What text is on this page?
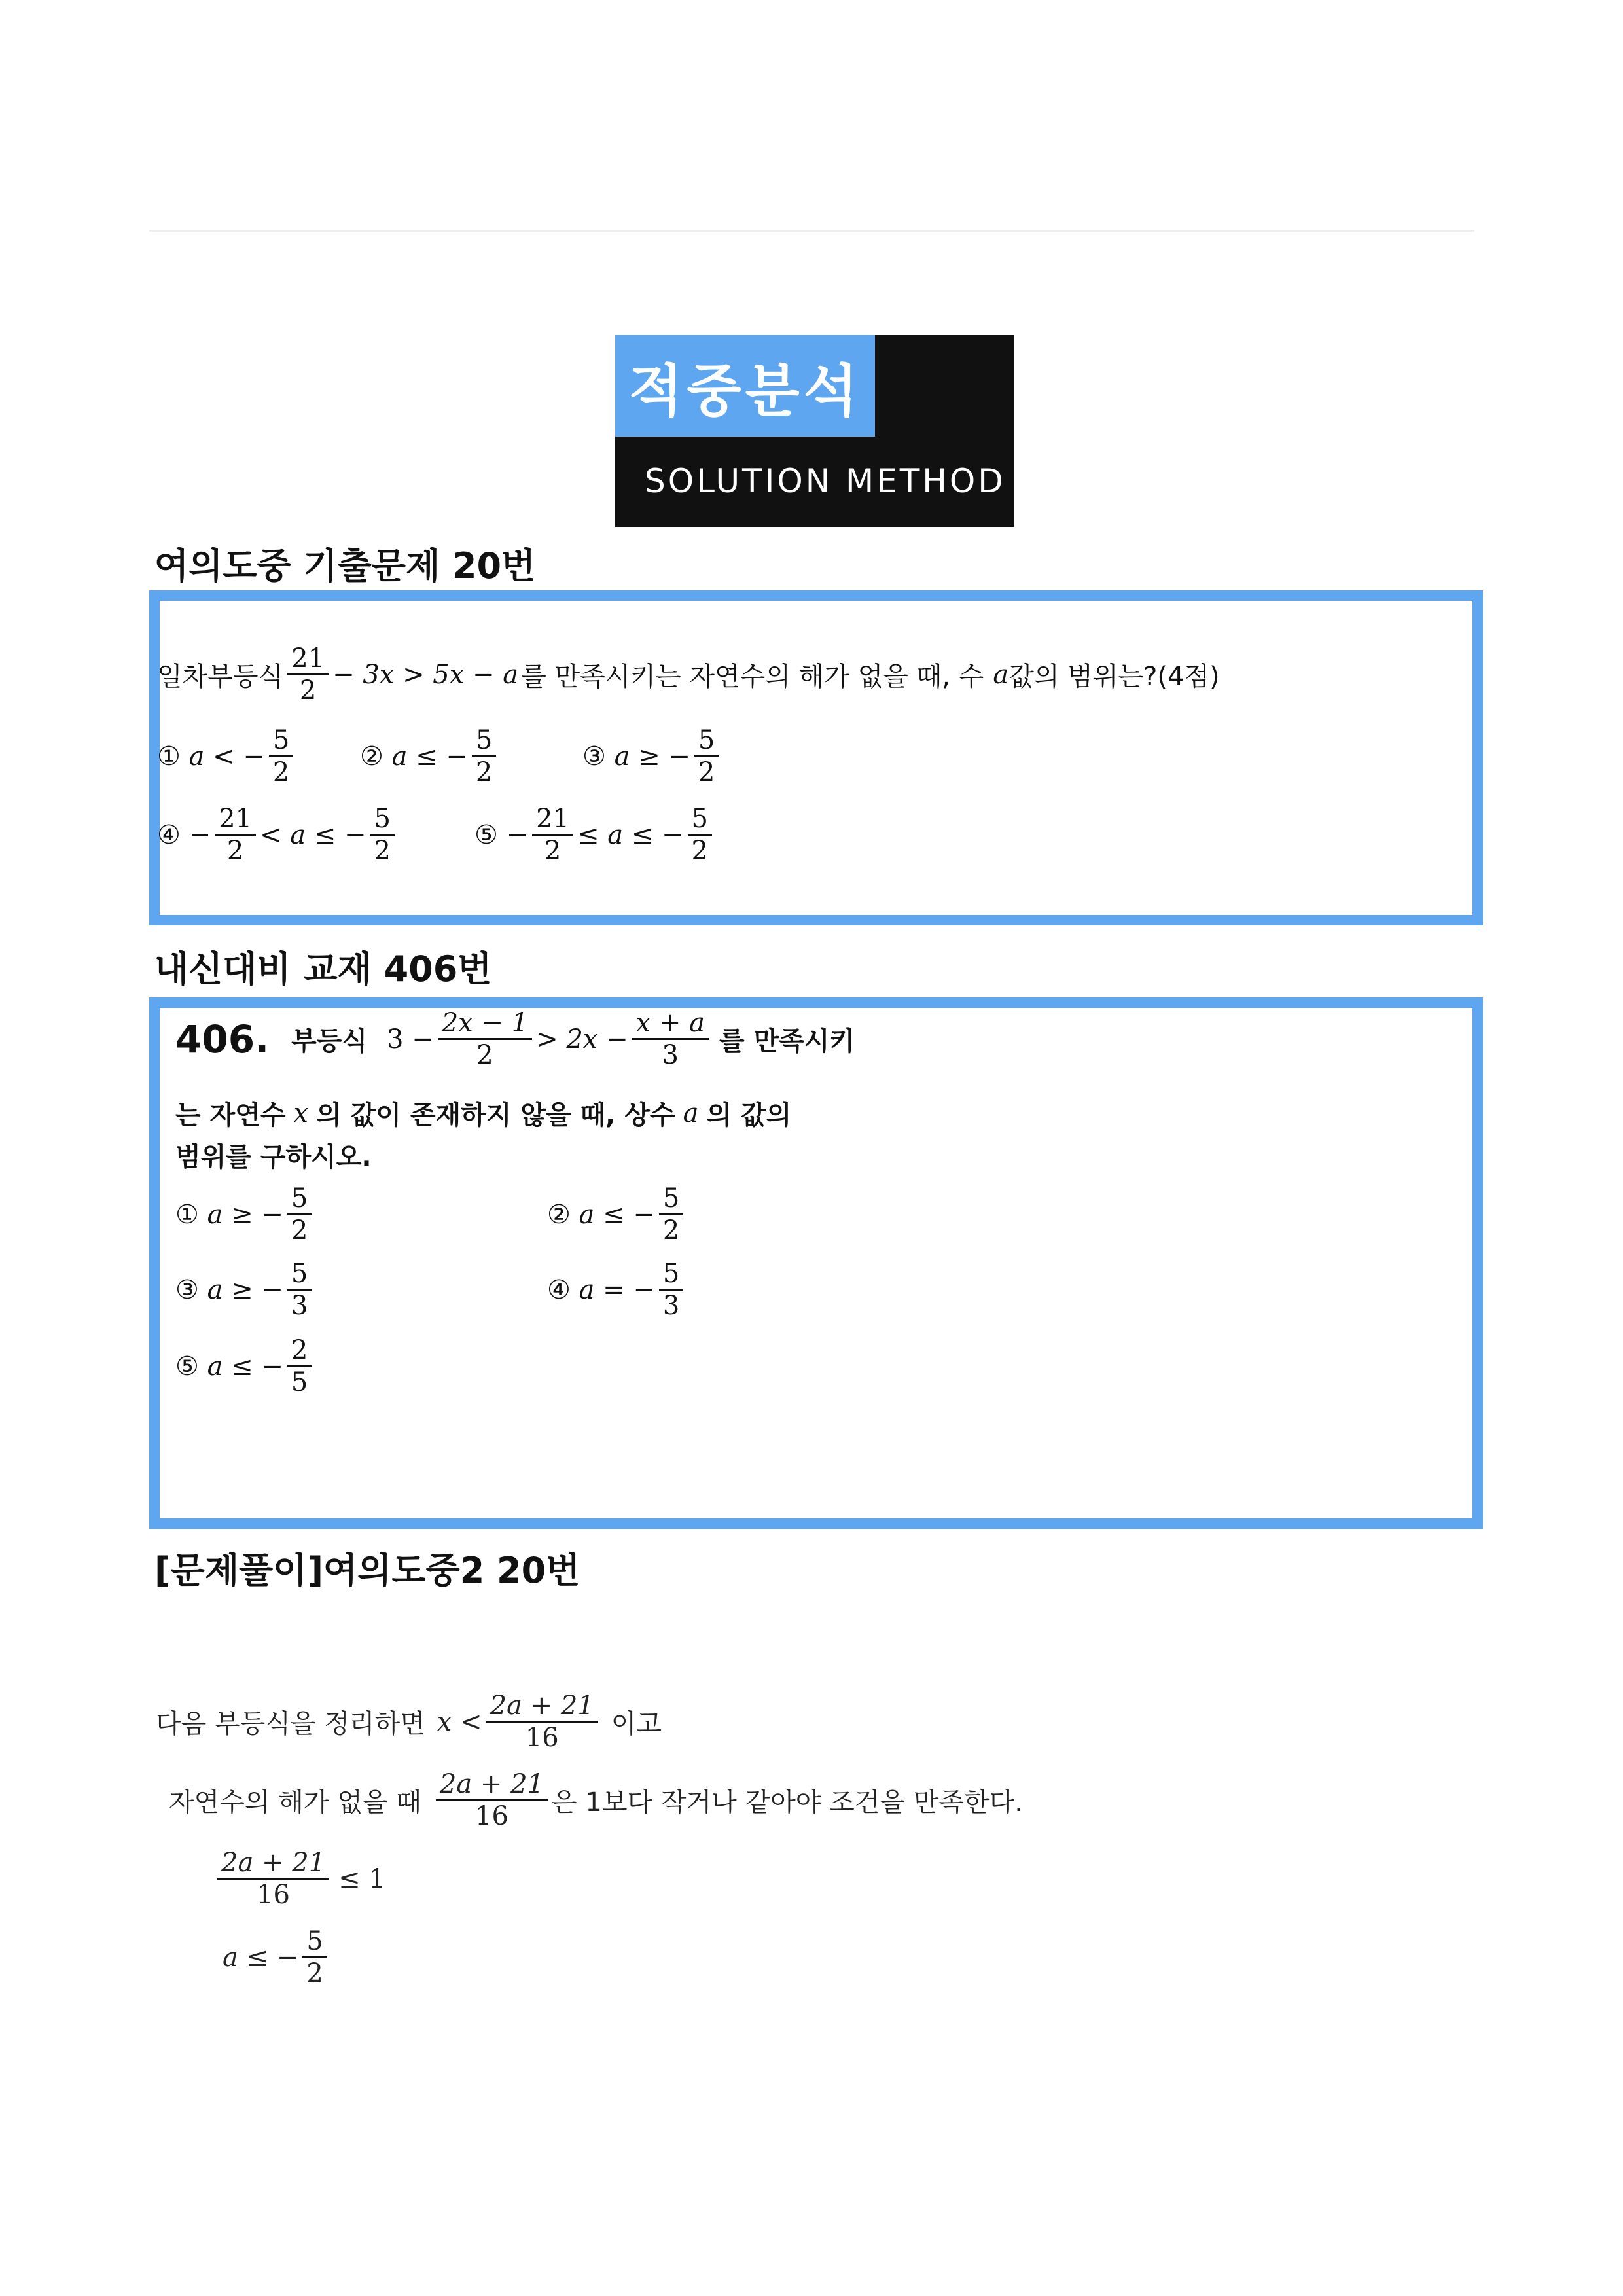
적중분석
SOLUTION METHOD
여의도중 기출문제 20번
일차부등식 $\frac{21}{2} - 3x > 5x - a$ 를 만족시키는 자연수의 해가 없을 때, 수 a 값의 범위는?(4점)
①
a < − $\frac{5}{2}$	②
a ≤ − $\frac{5}{2}$	③
a ≥ − $\frac{5}{2}$
④
− $\frac{21}{2} < a$ ≤ − $\frac{5}{2}$	⑤
− $\frac{21}{2} \le a$ ≤ − $\frac{5}{2}$
내신대비 교재 406번
406. 부등식 $3 - \frac{2x - 1}{2} > 2x - \frac{x + a}{3}$ 를 만족시키
는 자연수 x 의 값이 존재하지 않을 때, 상수 a 의 값의
범위를 구하시오.
①
a ≥ − $\frac{5}{2}$	②
a ≤ − $\frac{5}{2}$
③
a ≥ − $\frac{5}{3}$	④
a = − $\frac{5}{3}$
⑤
a ≤ − $\frac{2}{5}$
[문제풀이]여의도중2 20번
다음 부등식을 정리하면 $x < \frac{2a + 21}{16}$ 이고
자연수의 해가 없을 때 $\frac{2a + 21}{16}$ 은 1보다 작거나 같아야 조건을 만족한다.
$\frac{2a + 21}{16} \le 1$
a ≤ − $\frac{5}{2}$
